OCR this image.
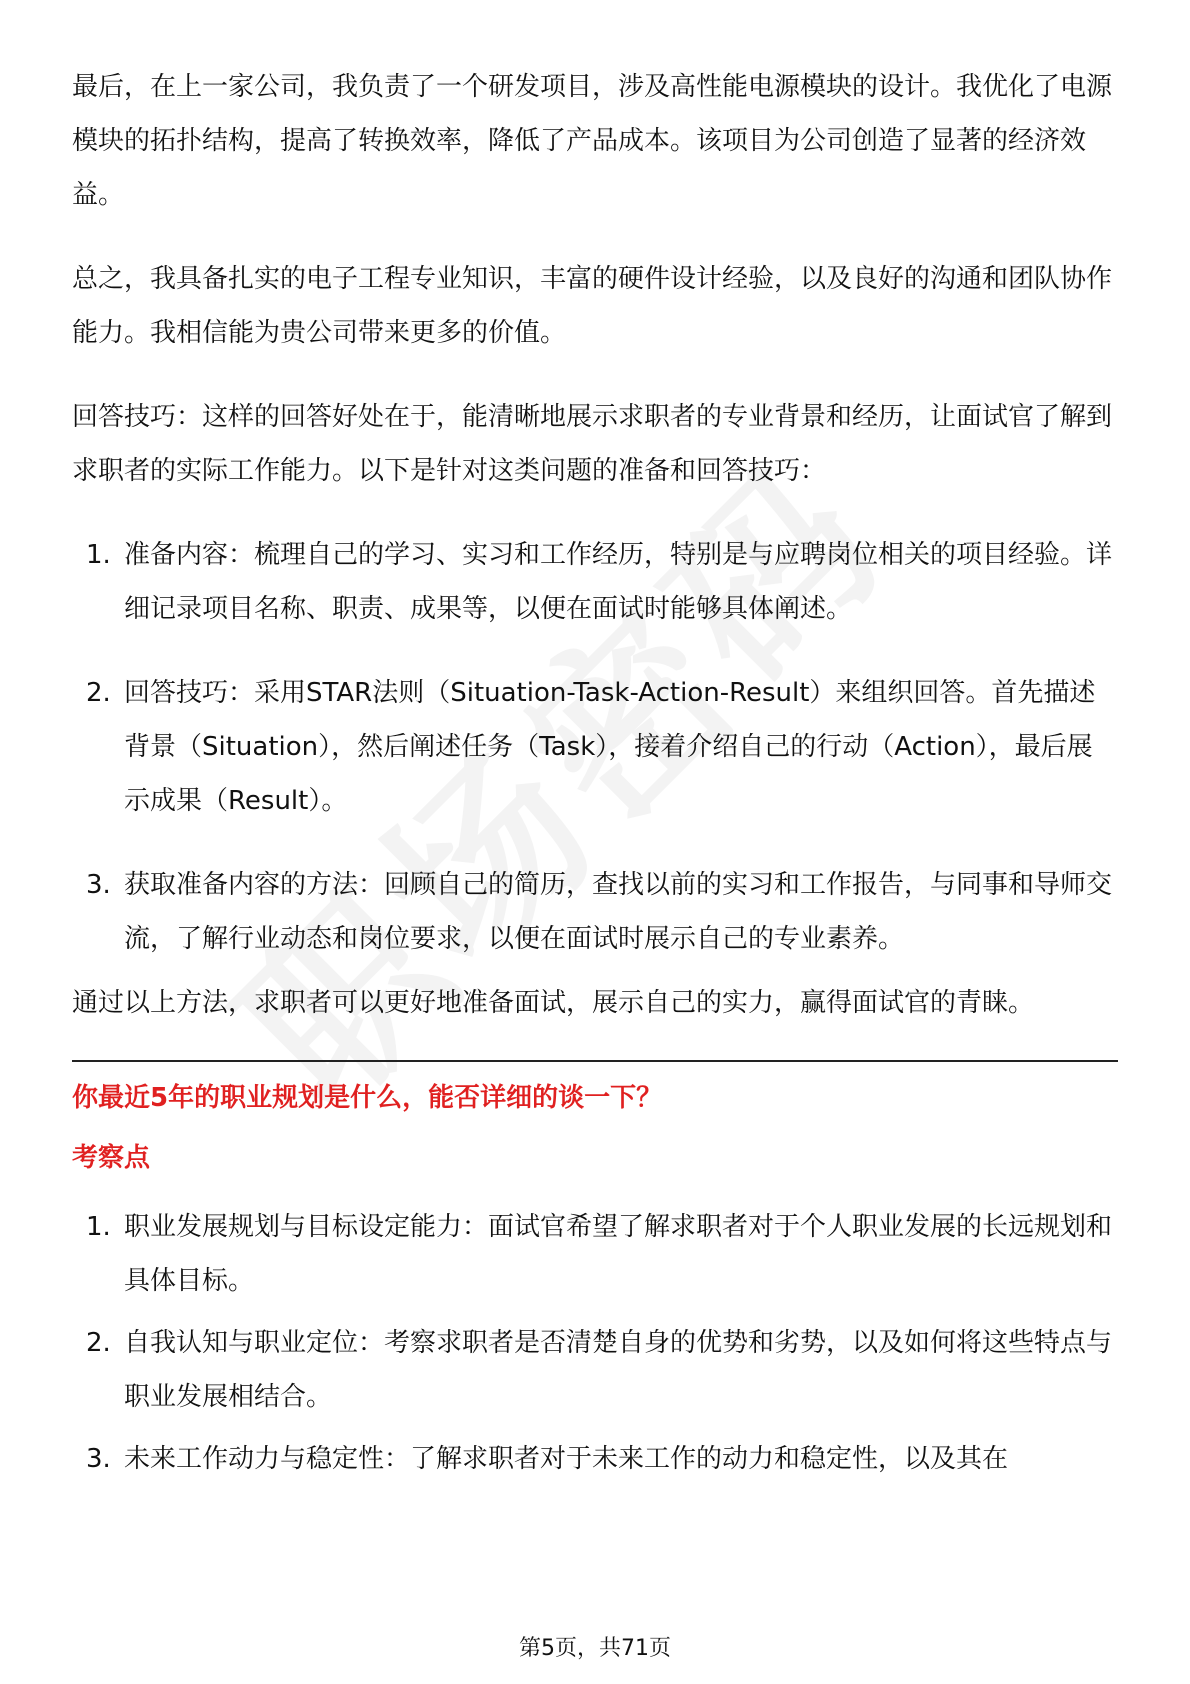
最后，在上一家公司，我负责了一个研发项目，涉及高性能电源模块的设计。我优化了电源模块的拓扑结构，提高了转换效率，降低了产品成本。该项目为公司创造了显著的经济效益。

总之，我具备扎实的电子工程专业知识，丰富的硬件设计经验，以及良好的沟通和团队协作能力。我相信能为贵公司带来更多的价值。

回答技巧：这样的回答好处在于，能清晰地展示求职者的专业背景和经历，让面试官了解到求职者的实际工作能力。以下是针对这类问题的准备和回答技巧：

1. 准备内容：梳理自己的学习、实习和工作经历，特别是与应聘岗位相关的项目经验。详细记录项目名称、职责、成果等，以便在面试时能够具体阐述。
2. 回答技巧：采用STAR法则（Situation-Task-Action-Result）来组织回答。首先描述背景（Situation），然后阐述任务（Task），接着介绍自己的行动（Action），最后展示成果（Result）。
3. 获取准备内容的方法：回顾自己的简历，查找以前的实习和工作报告，与同事和导师交流，了解行业动态和岗位要求，以便在面试时展示自己的专业素养。

通过以上方法，求职者可以更好地准备面试，展示自己的实力，赢得面试官的青睐。

你最近5年的职业规划是什么，能否详细的谈一下？
考察点
1. 职业发展规划与目标设定能力：面试官希望了解求职者对于个人职业发展的长远规划和具体目标。
2. 自我认知与职业定位：考察求职者是否清楚自身的优势和劣势，以及如何将这些特点与职业发展相结合。
3. 未来工作动力与稳定性：了解求职者对于未来工作的动力和稳定性，以及其在
第5页，共71页
